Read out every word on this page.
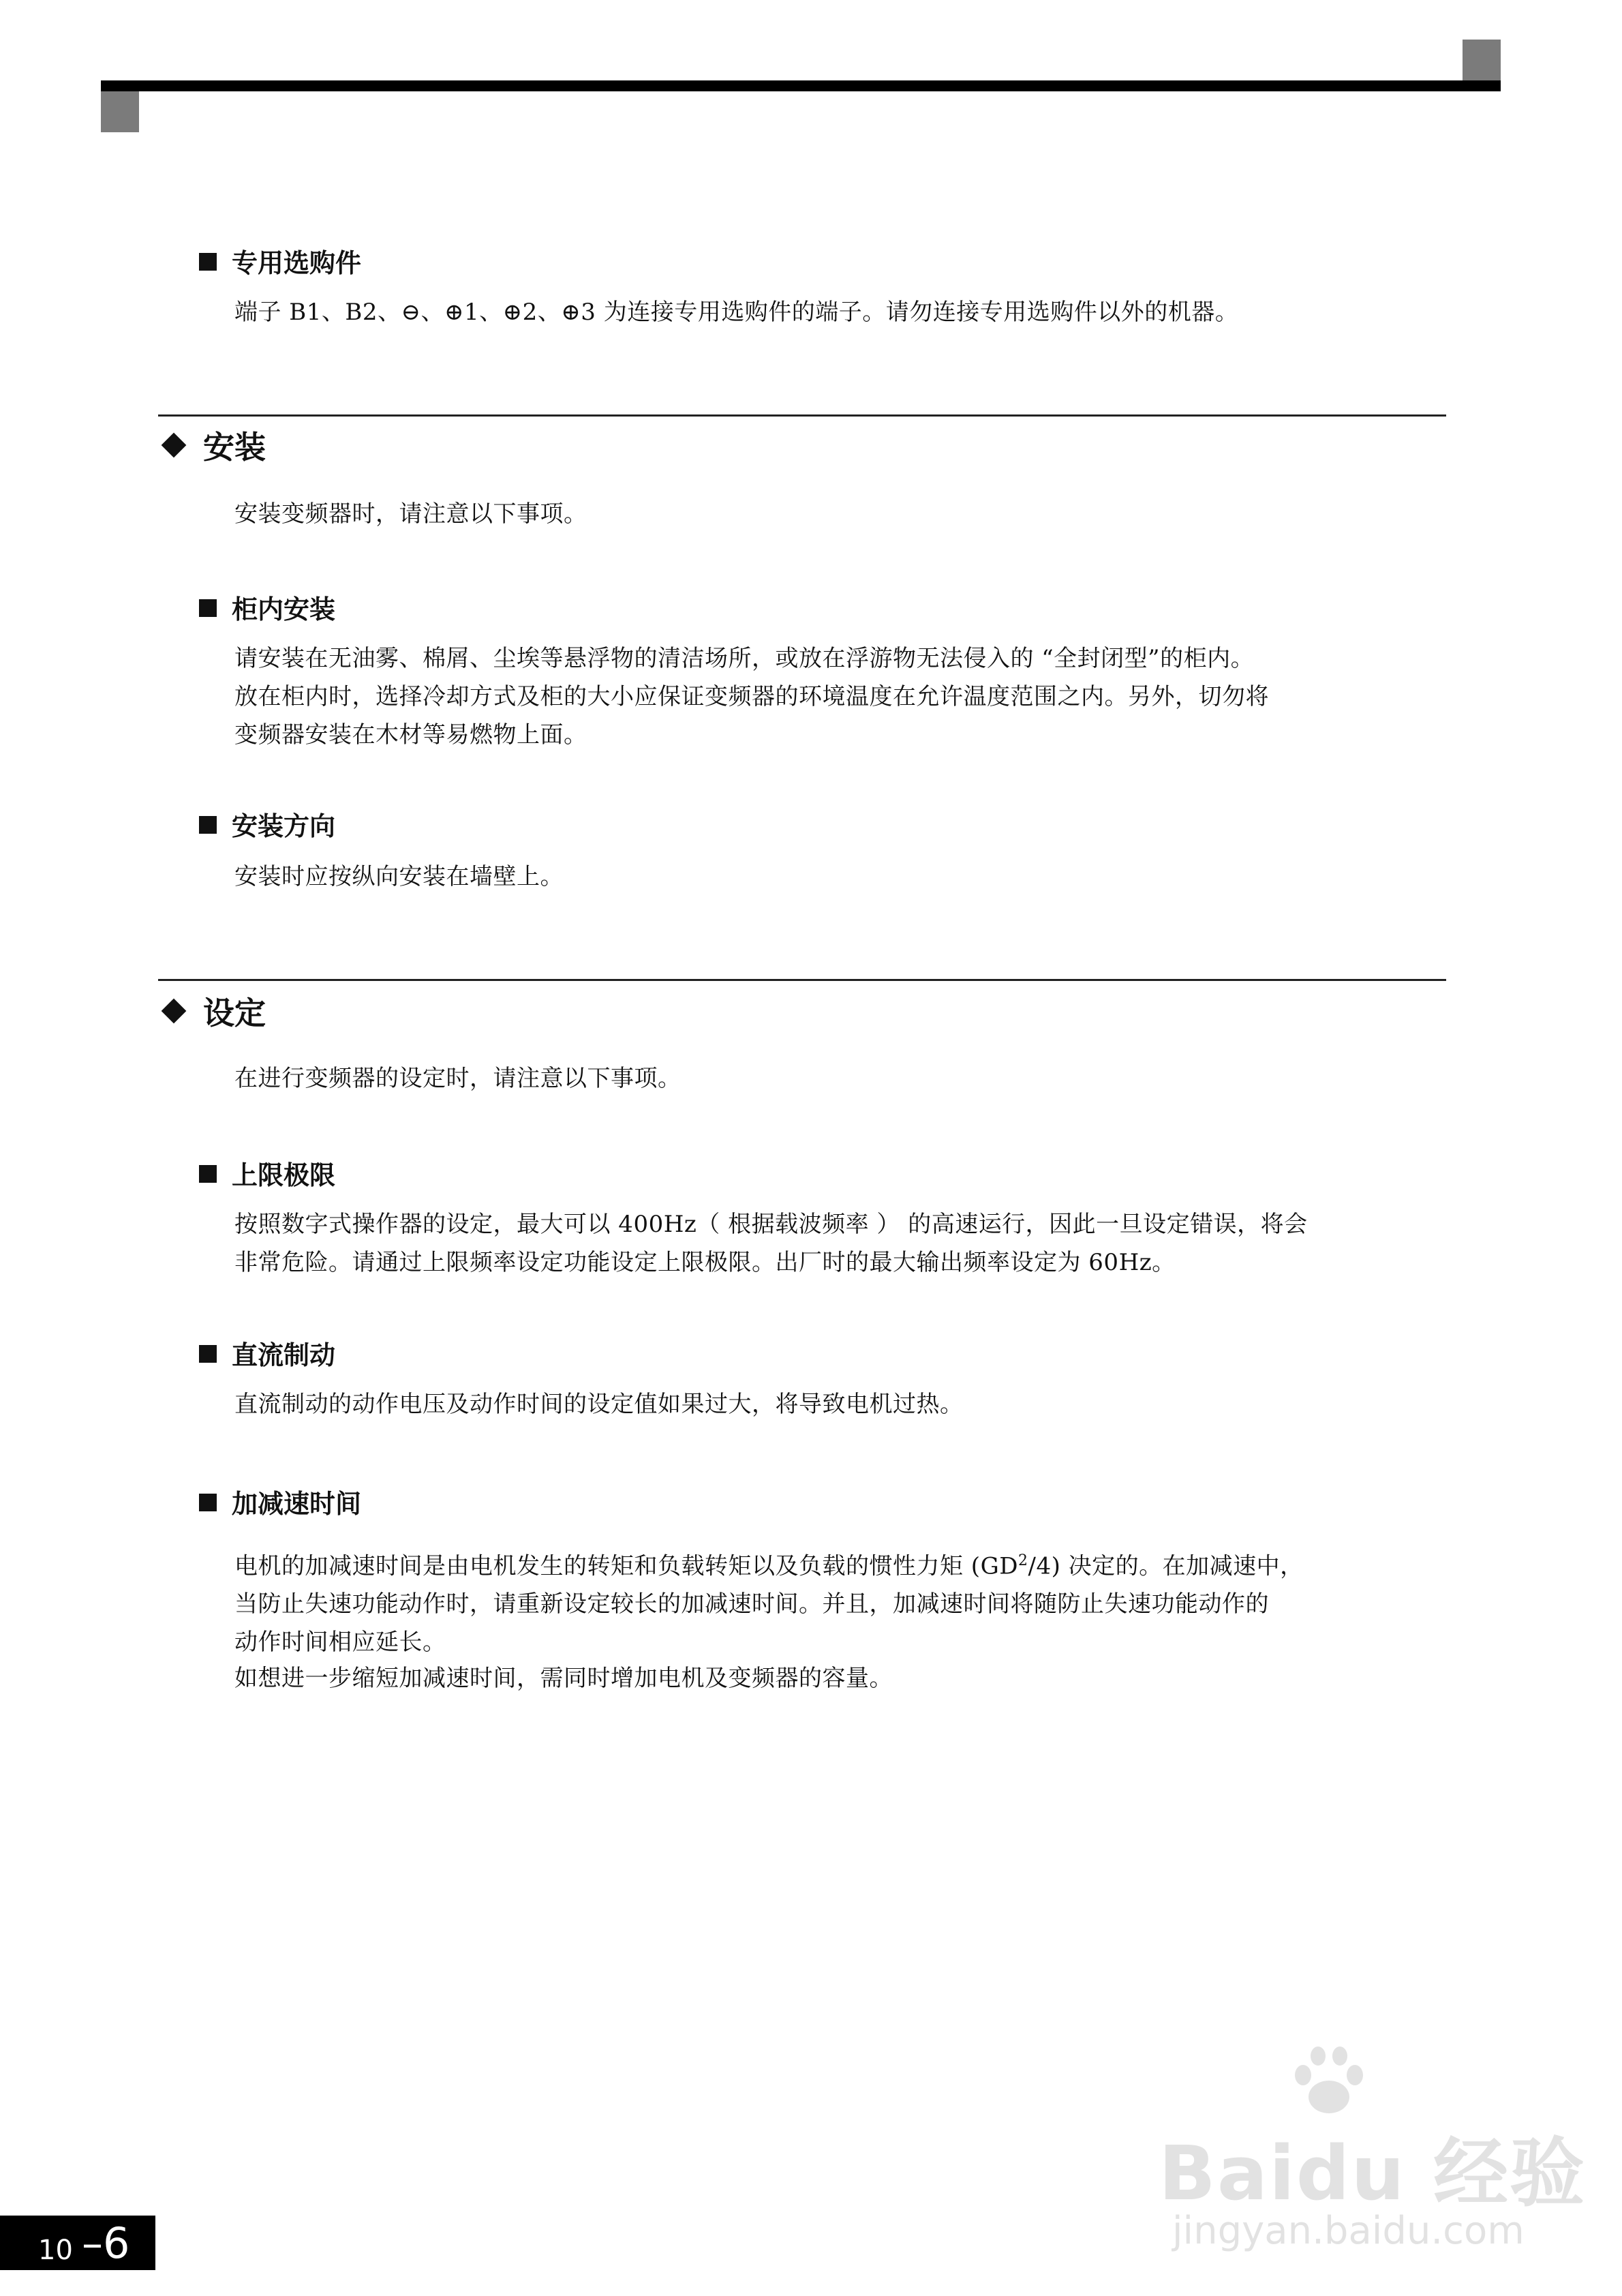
专用选购件
端子 B1、B2、⊖、⊕1、⊕2、⊕3 为连接专用选购件的端子。请勿连接专用选购件以外的机器。
安装
安装变频器时，请注意以下事项。
柜内安装
请安装在无油雾、棉屑、尘埃等悬浮物的清洁场所，或放在浮游物无法侵入的 “全封闭型”的柜内。
放在柜内时，选择冷却方式及柜的大小应保证变频器的环境温度在允许温度范围之内。另外，切勿将
变频器安装在木材等易燃物上面。
安装方向
安装时应按纵向安装在墙壁上。
设定
在进行变频器的设定时，请注意以下事项。
上限极限
按照数字式操作器的设定，最大可以 400Hz（ 根据载波频率 ） 的高速运行，因此一旦设定错误，将会
非常危险。请通过上限频率设定功能设定上限极限。出厂时的最大输出频率设定为 60Hz。
直流制动
直流制动的动作电压及动作时间的设定值如果过大，将导致电机过热。
加减速时间
电机的加减速时间是由电机发生的转矩和负载转矩以及负载的惯性力矩 $(GD^2/4)$ 决定的。在加减速中，
当防止失速功能动作时，请重新设定较长的加减速时间。并且，加减速时间将随防止失速功能动作的
动作时间相应延长。
如想进一步缩短加减速时间，需同时增加电机及变频器的容量。
Baidu 经验
jingyan.baidu.com
10 –6
